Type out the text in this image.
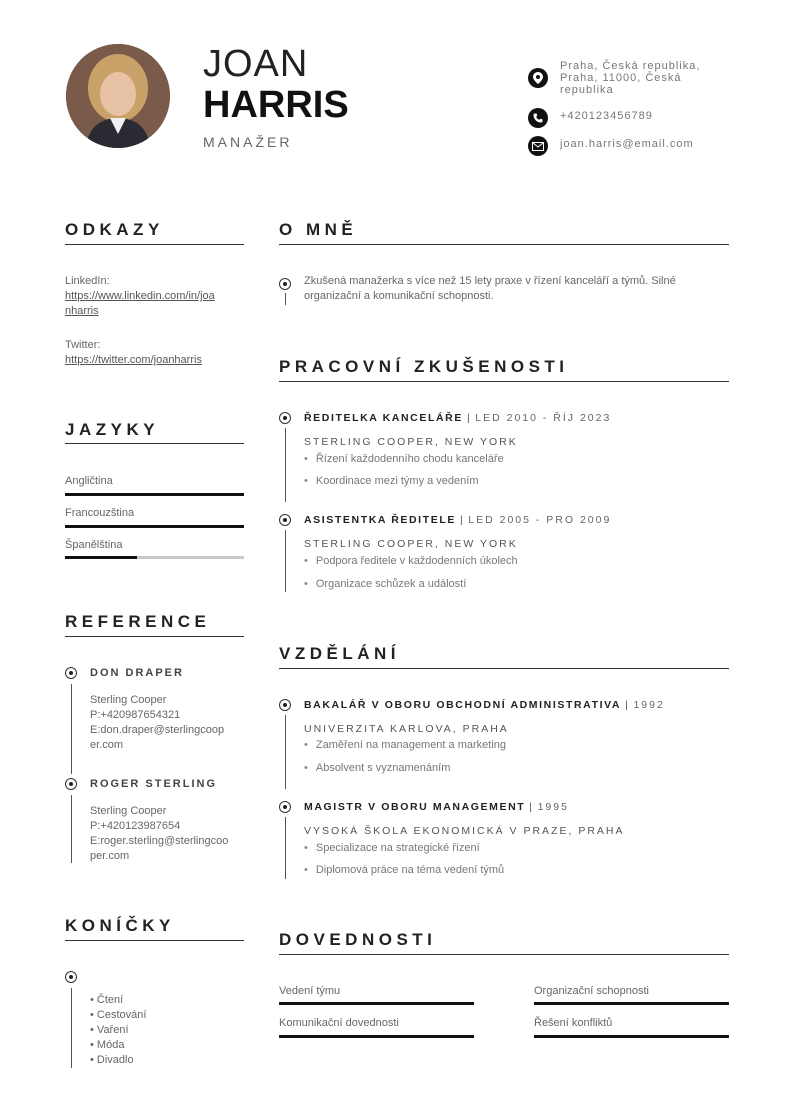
JOAN
HARRIS
MANAŽER
Praha, Česká republika,
Praha, 11000, Česká
republika
+420123456789
joan.harris@email.com
ODKAZY
LinkedIn:
https://www.linkedin.com/in/joa
nharris
Twitter:
https://twitter.com/joanharris
JAZYKY
Angličtina
Francouzština
Španělština
REFERENCE
DON DRAPER
Sterling Cooper
P:+420987654321
E:don.draper@sterlingcoop
er.com
ROGER STERLING
Sterling Cooper
P:+420123987654
E:roger.sterling@sterlingcoo
per.com
KONÍČKY
• Čtení
• Cestování
• Vaření
• Móda
• Divadlo
O MNĚ
Zkušená manažerka s více než 15 lety praxe v řízení kanceláří a týmů. Silné
organizační a komunikační schopnosti.
PRACOVNÍ ZKUŠENOSTI
ŘEDITELKA KANCELÁŘE | LED 2010 - ŘÍJ 2023
STERLING COOPER, NEW YORK
• Řízení každodenního chodu kanceláře
• Koordinace mezi týmy a vedením
ASISTENTKA ŘEDITELE | LED 2005 - PRO 2009
STERLING COOPER, NEW YORK
• Podpora ředitele v každodenních úkolech
• Organizace schůzek a událostí
VZDĚLÁNÍ
BAKALÁŘ V OBORU OBCHODNÍ ADMINISTRATIVA | 1992
UNIVERZITA KARLOVA, PRAHA
• Zaměření na management a marketing
• Absolvent s vyznamenáním
MAGISTR V OBORU MANAGEMENT | 1995
VYSOKÁ ŠKOLA EKONOMICKÁ V PRAZE, PRAHA
• Specializace na strategické řízení
• Diplomová práce na téma vedení týmů
DOVEDNOSTI
Vedení týmu	Organizační schopnosti
Komunikační dovednosti	Řešení konfliktů
